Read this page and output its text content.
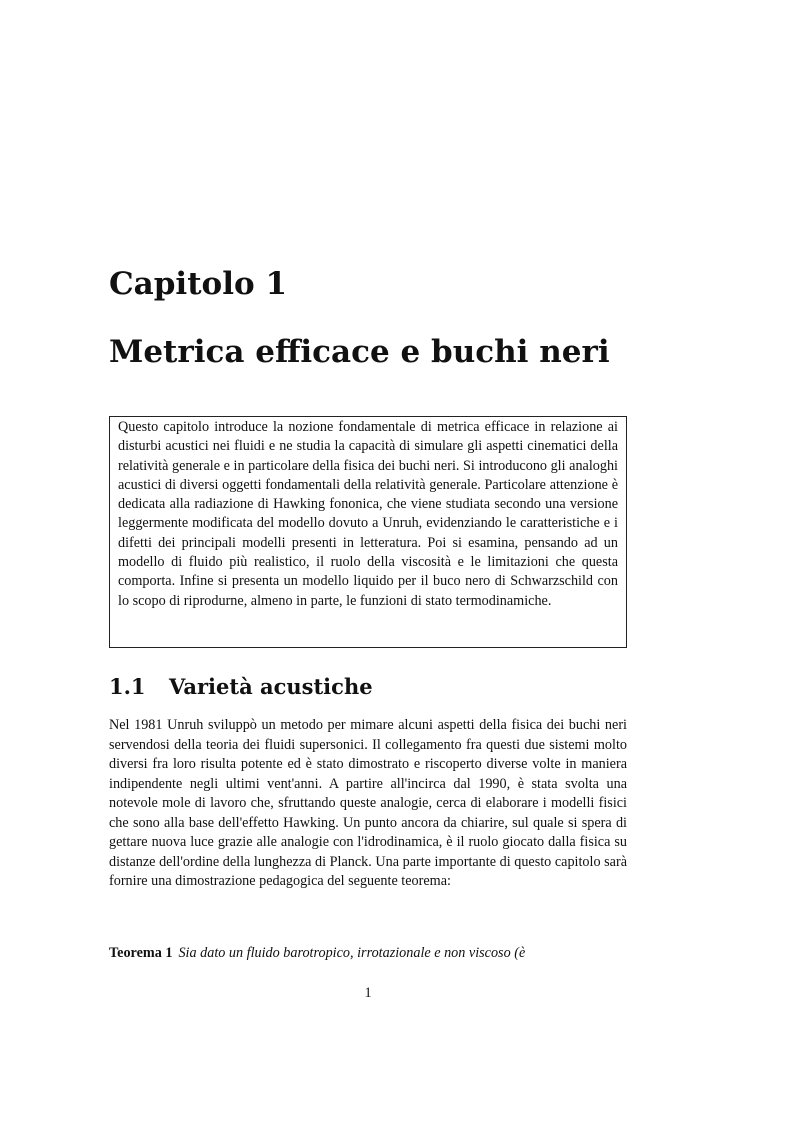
Capitolo 1
Metrica efficace e buchi neri
Questo capitolo introduce la nozione fondamentale di metrica efficace in relazione ai disturbi acustici nei fluidi e ne studia la capacità di simulare gli aspetti cinematici della relatività generale e in particolare della fisica dei buchi neri. Si introducono gli analoghi acustici di diversi oggetti fondamentali della relatività generale. Particolare attenzione è dedicata alla radiazione di Hawking fononica, che viene studiata secondo una versione leggermente modificata del modello dovuto a Unruh, evidenziando le caratteristiche e i difetti dei principali modelli presenti in letteratura. Poi si esamina, pensando ad un modello di fluido più realistico, il ruolo della viscosità e le limitazioni che questa comporta. Infine si presenta un modello liquido per il buco nero di Schwarzschild con lo scopo di riprodurne, almeno in parte, le funzioni di stato termodinamiche.
1.1 Varietà acustiche
Nel 1981 Unruh sviluppò un metodo per mimare alcuni aspetti della fisica dei buchi neri servendosi della teoria dei fluidi supersonici. Il collegamento fra questi due sistemi molto diversi fra loro risulta potente ed è stato dimostrato e riscoperto diverse volte in maniera indipendente negli ultimi vent'anni. A partire all'incirca dal 1990, è stata svolta una notevole mole di lavoro che, sfruttando queste analogie, cerca di elaborare i modelli fisici che sono alla base dell'effetto Hawking. Un punto ancora da chiarire, sul quale si spera di gettare nuova luce grazie alle analogie con l'idrodinamica, è il ruolo giocato dalla fisica su distanze dell'ordine della lunghezza di Planck. Una parte importante di questo capitolo sarà fornire una dimostrazione pedagogica del seguente teorema:
Teorema 1 Sia dato un fluido barotropico, irrotazionale e non viscoso (è
1
